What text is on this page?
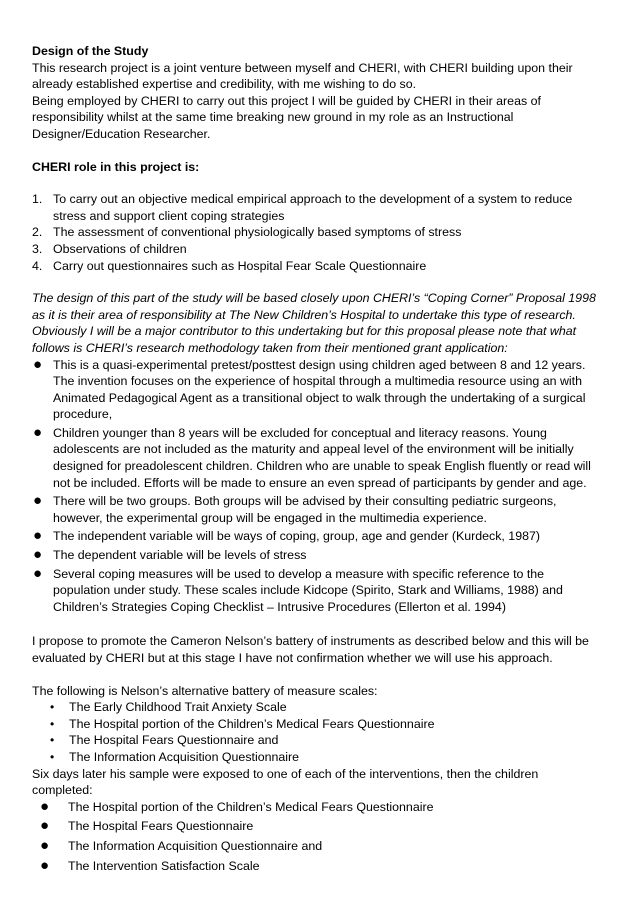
Design of the Study

This research project is a joint venture between myself and CHERI, with CHERI building upon their already established expertise and credibility, with me wishing to do so.

Being employed by CHERI to carry out this project I will be guided by CHERI in their areas of responsibility whilst at the same time breaking new ground in my role as an Instructional Designer/Education Researcher.

CHERI role in this project is:

1. To carry out an objective medical empirical approach to the development of a system to reduce stress and support client coping strategies
2. The assessment of conventional physiologically based symptoms of stress
3. Observations of children
4. Carry out questionnaires such as Hospital Fear Scale Questionnaire

The design of this part of the study will be based closely upon CHERI’s “Coping Corner” Proposal 1998 as it is their area of responsibility at The New Children’s Hospital to undertake this type of research. Obviously I will be a major contributor to this undertaking but for this proposal please note that what follows is CHERI’s research methodology taken from their mentioned grant application:

● This is a quasi-experimental pretest/posttest design using children aged between 8 and 12 years. The invention focuses on the experience of hospital through a multimedia resource using an with Animated Pedagogical Agent as a transitional object to walk through the undertaking of a surgical procedure,
● Children younger than 8 years will be excluded for conceptual and literacy reasons. Young adolescents are not included as the maturity and appeal level of the environment will be initially designed for preadolescent children. Children who are unable to speak English fluently or read will not be included. Efforts will be made to ensure an even spread of participants by gender and age.
● There will be two groups. Both groups will be advised by their consulting pediatric surgeons, however, the experimental group will be engaged in the multimedia experience.
● The independent variable will be ways of coping, group, age and gender (Kurdeck, 1987)
● The dependent variable will be levels of stress
● Several coping measures will be used to develop a measure with specific reference to the population under study. These scales include Kidcope (Spirito, Stark and Williams, 1988) and Children’s Strategies Coping Checklist – Intrusive Procedures (Ellerton et al. 1994)

I propose to promote the Cameron Nelson’s battery of instruments as described below and this will be evaluated by CHERI but at this stage I have not confirmation whether we will use his approach.

The following is Nelson’s alternative battery of measure scales:

• The Early Childhood Trait Anxiety Scale
• The Hospital portion of the Children’s Medical Fears Questionnaire
• The Hospital Fears Questionnaire and
• The Information Acquisition Questionnaire

Six days later his sample were exposed to one of each of the interventions, then the children completed:

● The Hospital portion of the Children’s Medical Fears Questionnaire
● The Hospital Fears Questionnaire
● The Information Acquisition Questionnaire and
● The Intervention Satisfaction Scale
